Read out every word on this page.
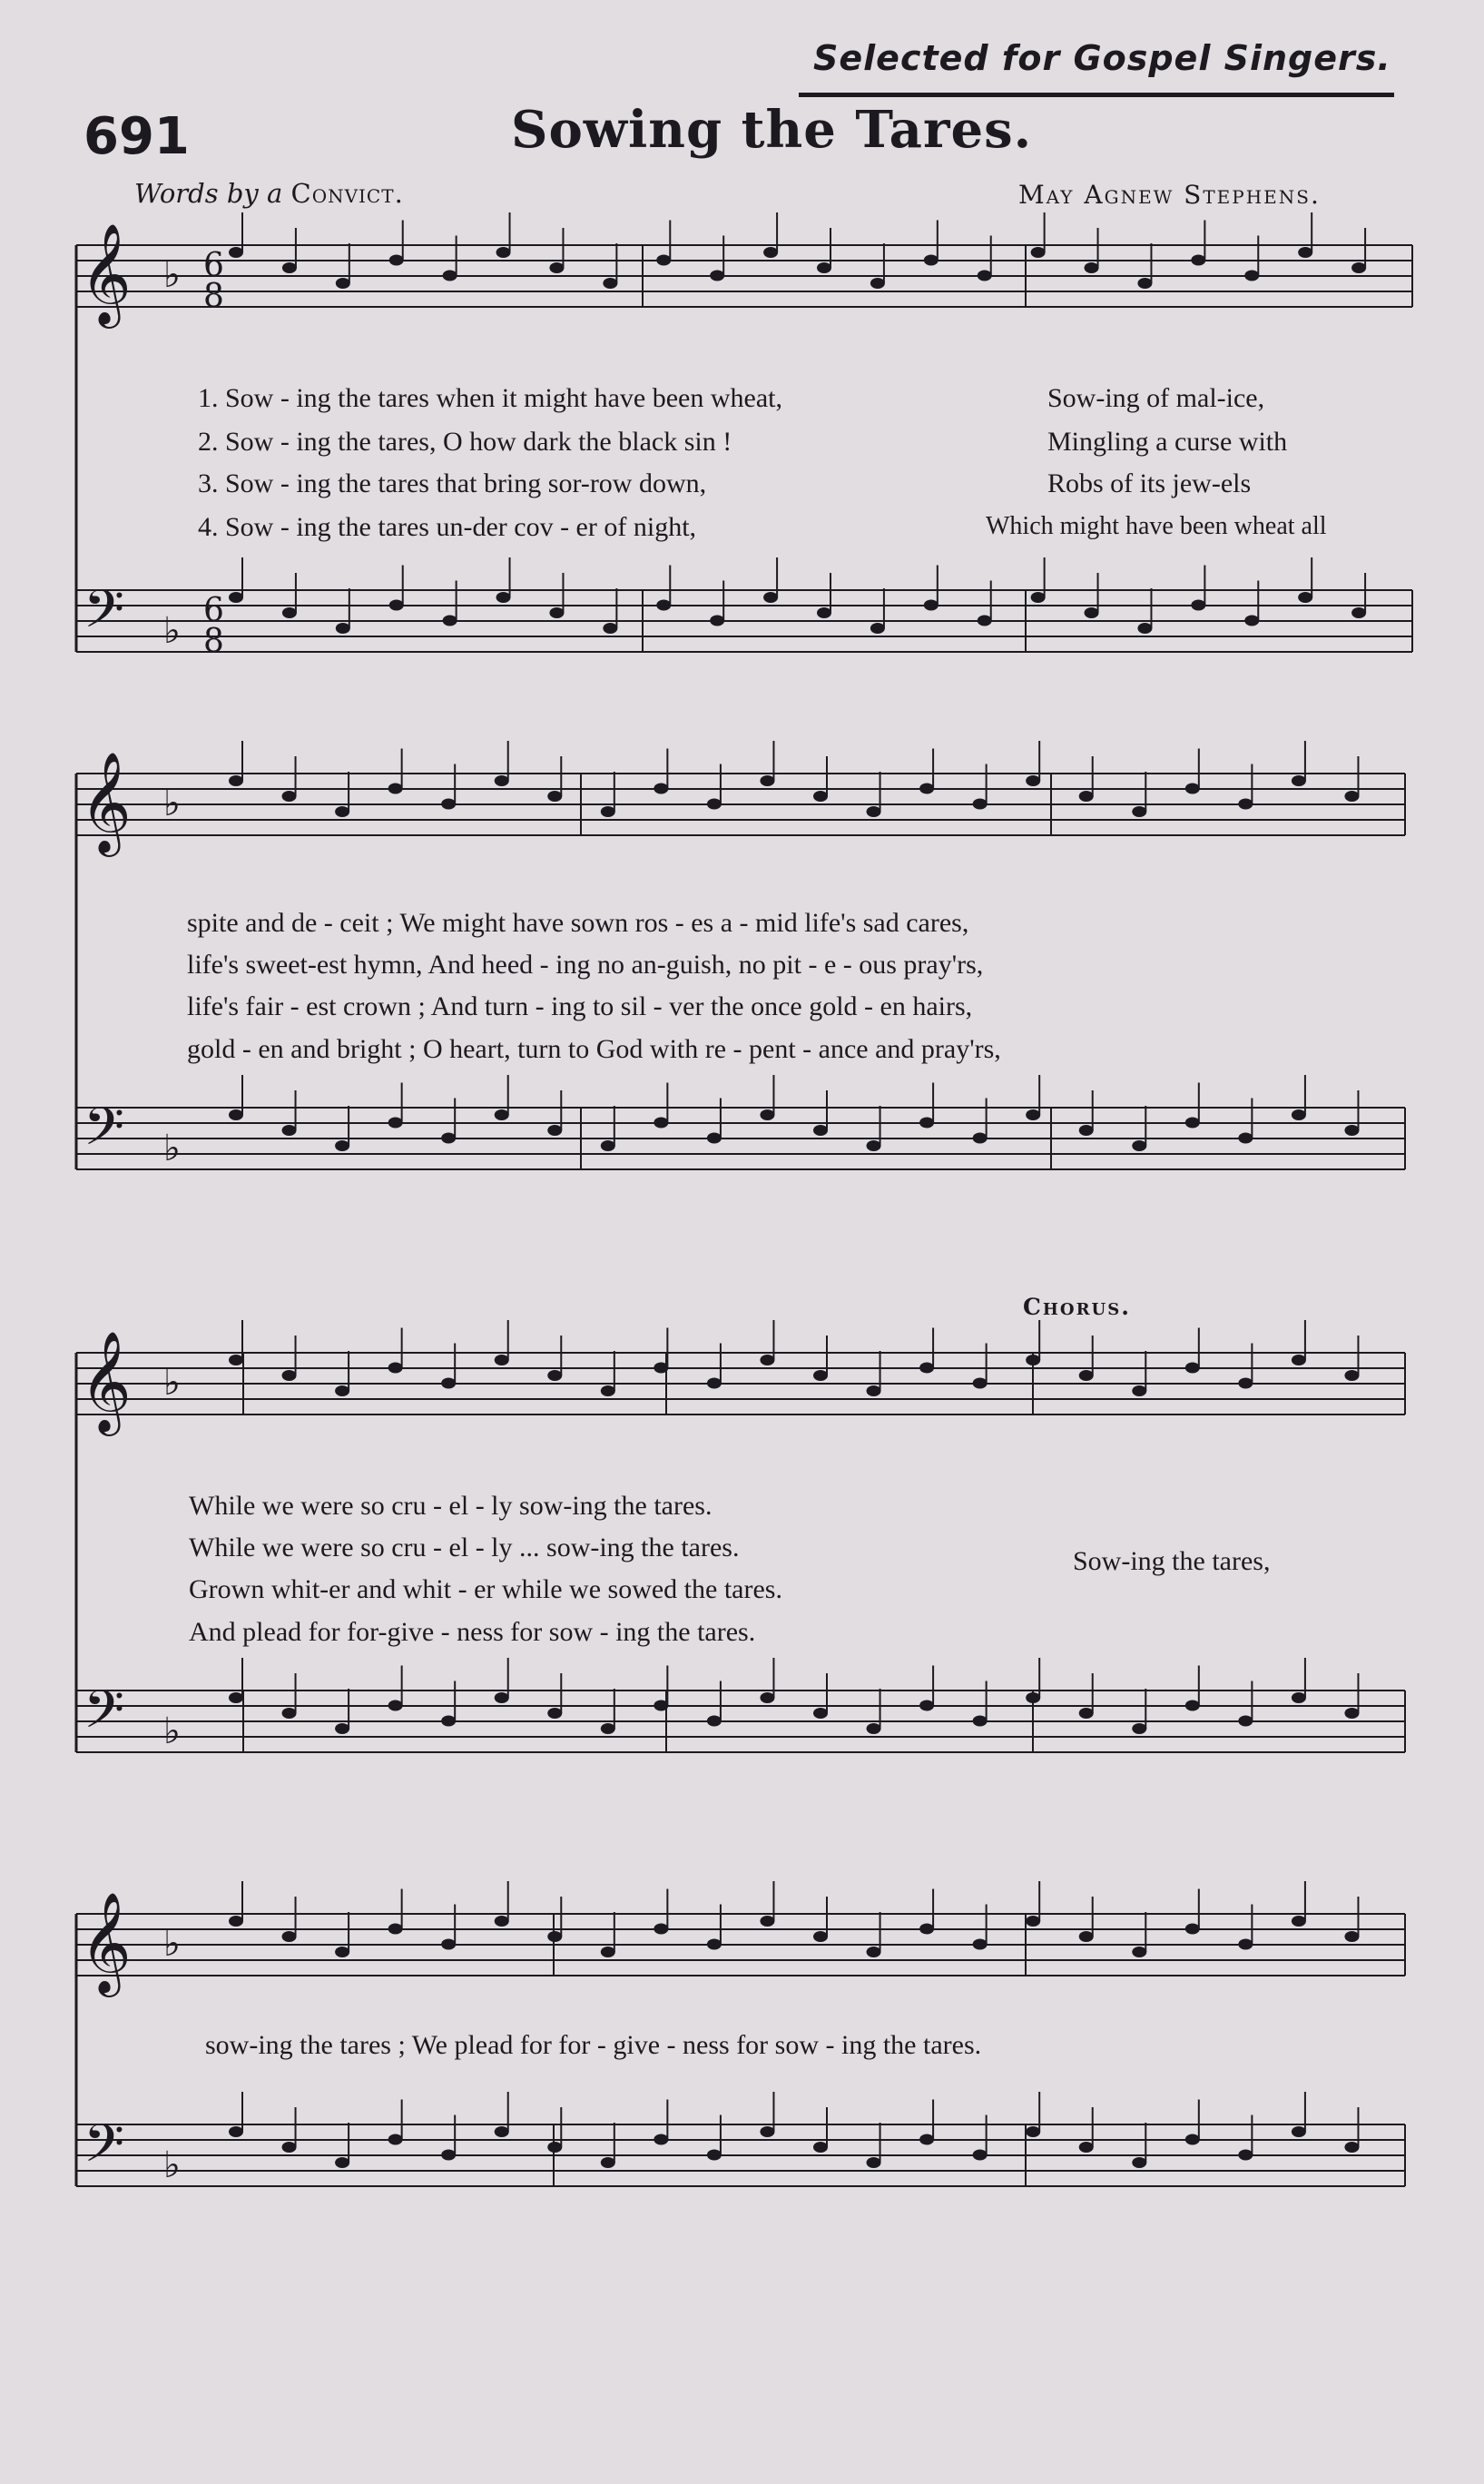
Selected for Gospel Singers.
691	Sowing the Tares.
Words by a Convict.	May Agnew Stephens.
𝄞 ♭
𝄢 ♭
𝄞 ♭
𝄢 ♭
𝄞 ♭
𝄢 ♭
𝄞 ♭
𝄢 ♭
6
8
6
8
1. Sow - ing the tares when it might have been wheat,
2. Sow - ing the tares, O how dark the black sin !
3. Sow - ing the tares that bring sor-row down,
4. Sow - ing the tares un-der cov - er of night,
Sow-ing of mal-ice,
Mingling a curse with
Robs of its jew-els
Which might have been wheat all
spite and de - ceit ; We might have sown ros - es a - mid life's sad cares,
life's sweet-est hymn, And heed - ing no an-guish, no pit - e - ous pray'rs,
life's fair - est crown ; And turn - ing to sil - ver the once gold - en hairs,
gold - en and bright ; O heart, turn to God with re - pent - ance and pray'rs,
Chorus.
While we were so cru - el - ly sow-ing the tares.
While we were so cru - el - ly ... sow-ing the tares.
Grown whit-er and whit - er while we sowed the tares.
And plead for for-give - ness for sow - ing the tares.
Sow-ing the tares,
sow-ing the tares ; We plead for for - give - ness for sow - ing the tares.
